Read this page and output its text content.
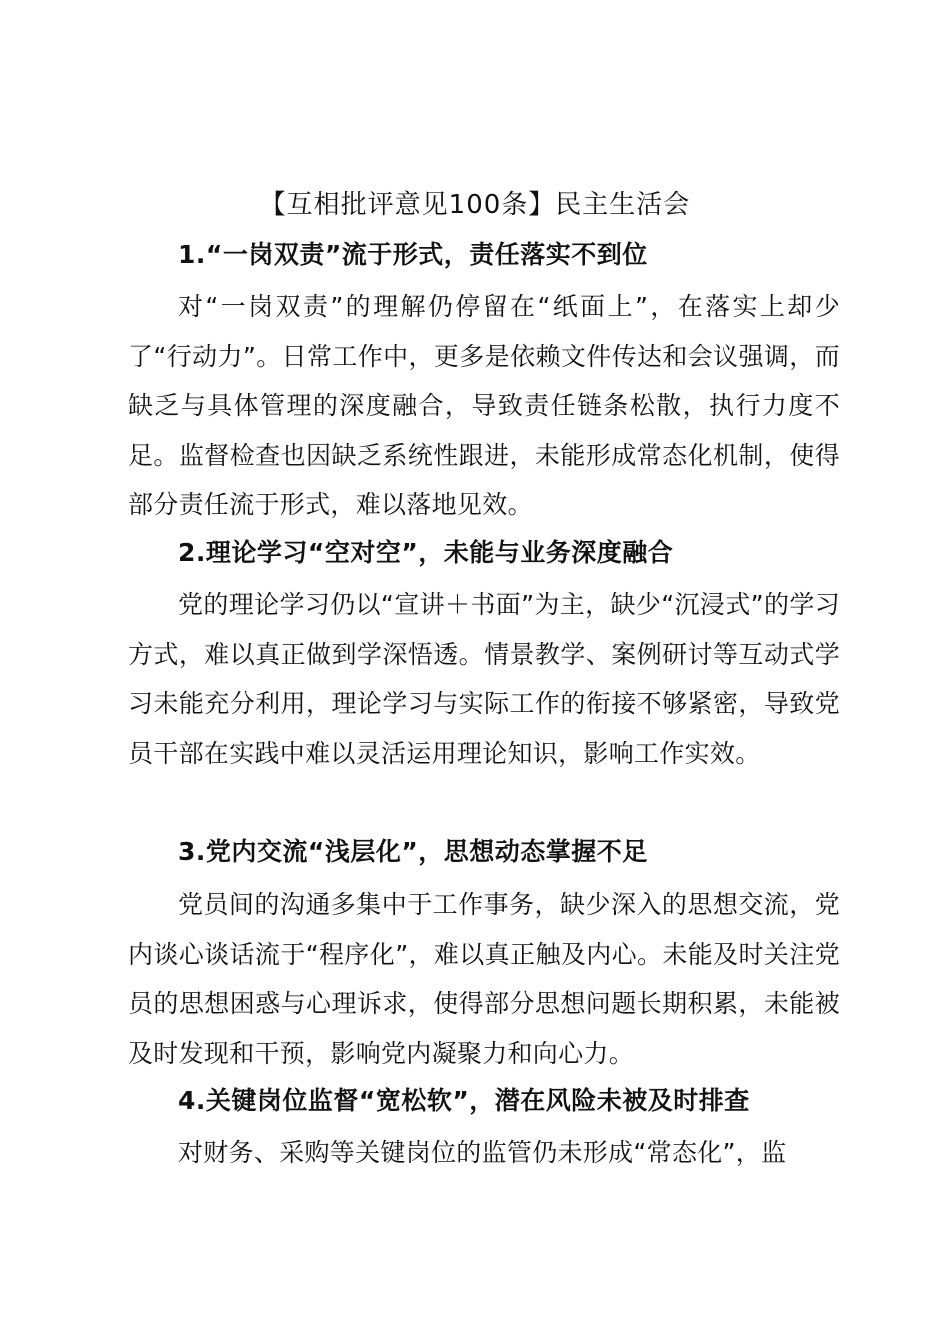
【互相批评意见100条】民主生活会
1.“一岗双责”流于形式，责任落实不到位

对“一岗双责”的理解仍停留在“纸面上”，在落实上却少了“行动力”。日常工作中，更多是依赖文件传达和会议强调，而缺乏与具体管理的深度融合，导致责任链条松散，执行力度不足。监督检查也因缺乏系统性跟进，未能形成常态化机制，使得部分责任流于形式，难以落地见效。

2.理论学习“空对空”，未能与业务深度融合

党的理论学习仍以“宣讲＋书面”为主，缺少“沉浸式”的学习方式，难以真正做到学深悟透。情景教学、案例研讨等互动式学习未能充分利用，理论学习与实际工作的衔接不够紧密，导致党员干部在实践中难以灵活运用理论知识，影响工作实效。

3.党内交流“浅层化”，思想动态掌握不足

党员间的沟通多集中于工作事务，缺少深入的思想交流，党内谈心谈话流于“程序化”，难以真正触及内心。未能及时关注党员的思想困惑与心理诉求，使得部分思想问题长期积累，未能被及时发现和干预，影响党内凝聚力和向心力。

4.关键岗位监督“宽松软”，潜在风险未被及时排查

对财务、采购等关键岗位的监管仍未形成“常态化”，监
